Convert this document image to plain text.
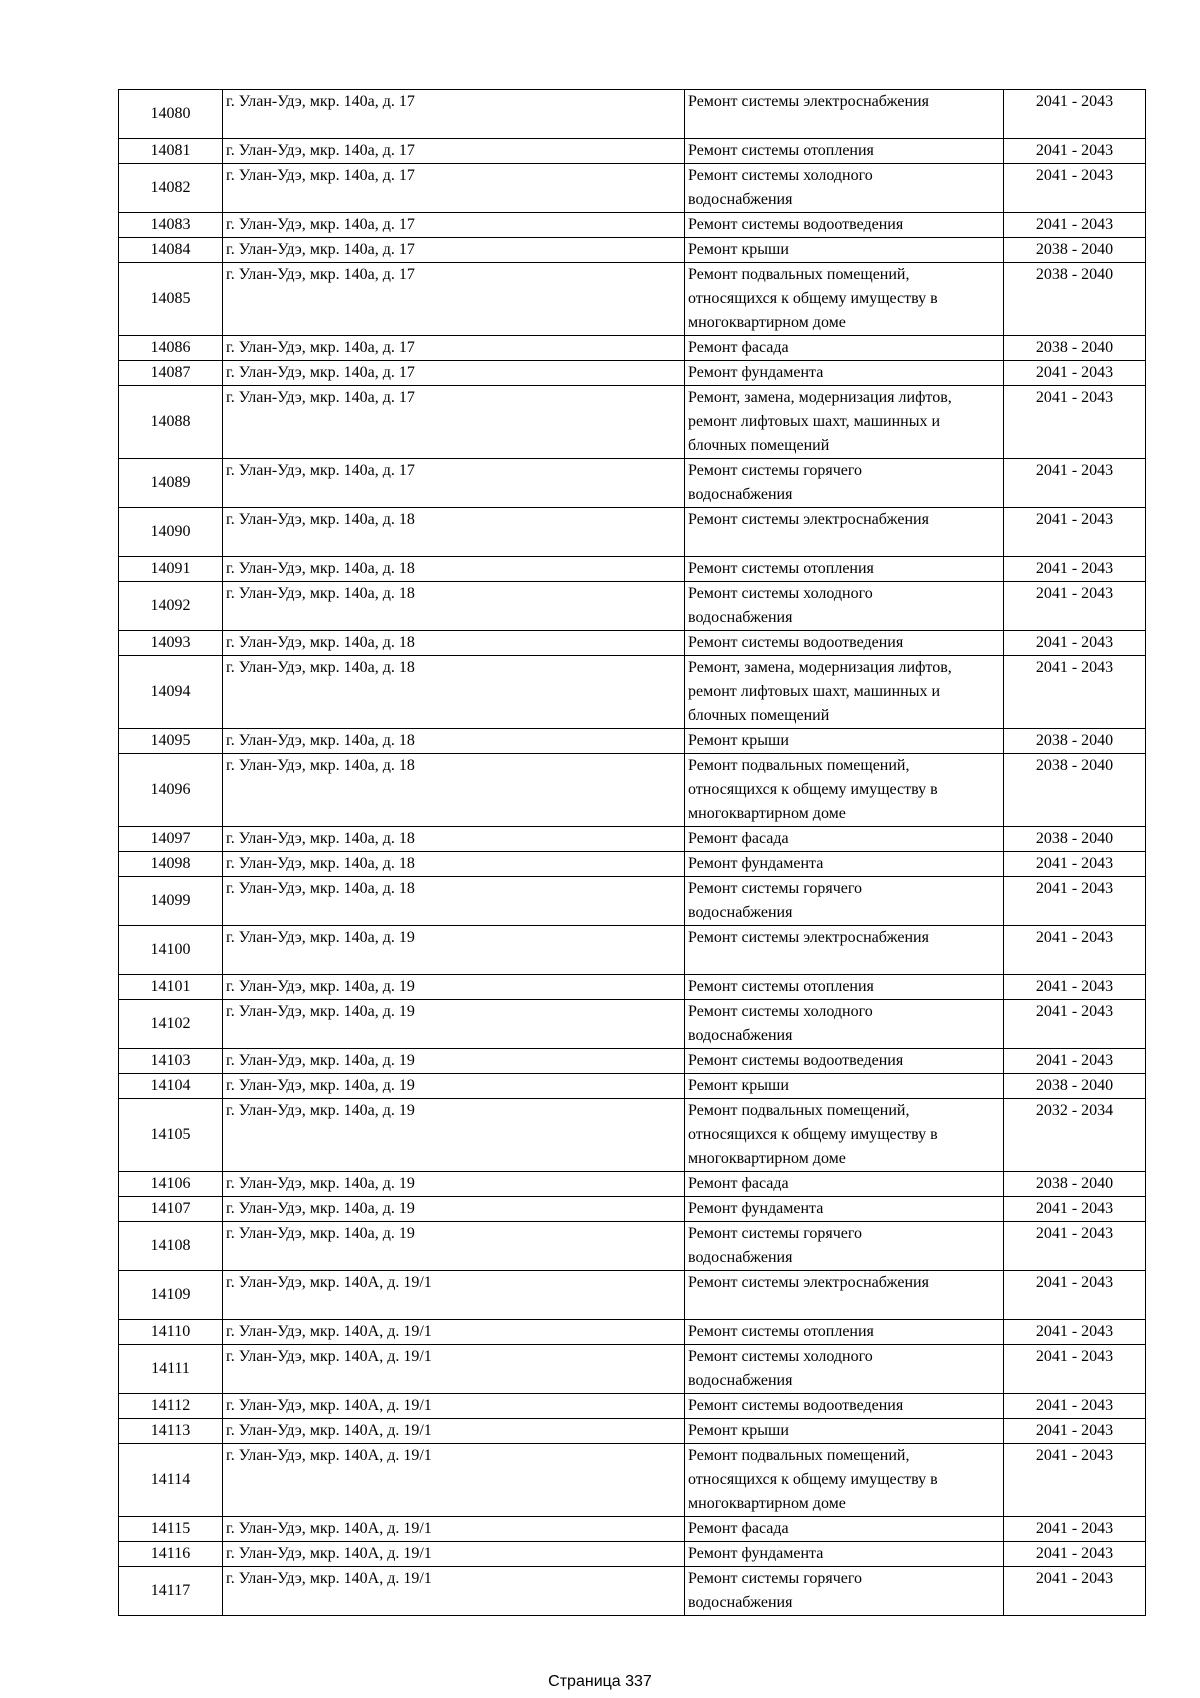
14080	г. Улан-Удэ, мкр. 140а, д. 17	Ремонт системы электроснабжения	2041 - 2043
14081	г. Улан-Удэ, мкр. 140а, д. 17	Ремонт системы отопления	2041 - 2043
14082	г. Улан-Удэ, мкр. 140а, д. 17	Ремонт системы холодного
водоснабжения	2041 - 2043
14083	г. Улан-Удэ, мкр. 140а, д. 17	Ремонт системы водоотведения	2041 - 2043
14084	г. Улан-Удэ, мкр. 140а, д. 17	Ремонт крыши	2038 - 2040
14085	г. Улан-Удэ, мкр. 140а, д. 17	Ремонт подвальных помещений,
относящихся к общему имуществу в
многоквартирном доме	2038 - 2040
14086	г. Улан-Удэ, мкр. 140а, д. 17	Ремонт фасада	2038 - 2040
14087	г. Улан-Удэ, мкр. 140а, д. 17	Ремонт фундамента	2041 - 2043
14088	г. Улан-Удэ, мкр. 140а, д. 17	Ремонт, замена, модернизация лифтов,
ремонт лифтовых шахт, машинных и
блочных помещений	2041 - 2043
14089	г. Улан-Удэ, мкр. 140а, д. 17	Ремонт системы горячего
водоснабжения	2041 - 2043
14090	г. Улан-Удэ, мкр. 140а, д. 18	Ремонт системы электроснабжения	2041 - 2043
14091	г. Улан-Удэ, мкр. 140а, д. 18	Ремонт системы отопления	2041 - 2043
14092	г. Улан-Удэ, мкр. 140а, д. 18	Ремонт системы холодного
водоснабжения	2041 - 2043
14093	г. Улан-Удэ, мкр. 140а, д. 18	Ремонт системы водоотведения	2041 - 2043
14094	г. Улан-Удэ, мкр. 140а, д. 18	Ремонт, замена, модернизация лифтов,
ремонт лифтовых шахт, машинных и
блочных помещений	2041 - 2043
14095	г. Улан-Удэ, мкр. 140а, д. 18	Ремонт крыши	2038 - 2040
14096	г. Улан-Удэ, мкр. 140а, д. 18	Ремонт подвальных помещений,
относящихся к общему имуществу в
многоквартирном доме	2038 - 2040
14097	г. Улан-Удэ, мкр. 140а, д. 18	Ремонт фасада	2038 - 2040
14098	г. Улан-Удэ, мкр. 140а, д. 18	Ремонт фундамента	2041 - 2043
14099	г. Улан-Удэ, мкр. 140а, д. 18	Ремонт системы горячего
водоснабжения	2041 - 2043
14100	г. Улан-Удэ, мкр. 140а, д. 19	Ремонт системы электроснабжения	2041 - 2043
14101	г. Улан-Удэ, мкр. 140а, д. 19	Ремонт системы отопления	2041 - 2043
14102	г. Улан-Удэ, мкр. 140а, д. 19	Ремонт системы холодного
водоснабжения	2041 - 2043
14103	г. Улан-Удэ, мкр. 140а, д. 19	Ремонт системы водоотведения	2041 - 2043
14104	г. Улан-Удэ, мкр. 140а, д. 19	Ремонт крыши	2038 - 2040
14105	г. Улан-Удэ, мкр. 140а, д. 19	Ремонт подвальных помещений,
относящихся к общему имуществу в
многоквартирном доме	2032 - 2034
14106	г. Улан-Удэ, мкр. 140а, д. 19	Ремонт фасада	2038 - 2040
14107	г. Улан-Удэ, мкр. 140а, д. 19	Ремонт фундамента	2041 - 2043
14108	г. Улан-Удэ, мкр. 140а, д. 19	Ремонт системы горячего
водоснабжения	2041 - 2043
14109	г. Улан-Удэ, мкр. 140А, д. 19/1	Ремонт системы электроснабжения	2041 - 2043
14110	г. Улан-Удэ, мкр. 140А, д. 19/1	Ремонт системы отопления	2041 - 2043
14111	г. Улан-Удэ, мкр. 140А, д. 19/1	Ремонт системы холодного
водоснабжения	2041 - 2043
14112	г. Улан-Удэ, мкр. 140А, д. 19/1	Ремонт системы водоотведения	2041 - 2043
14113	г. Улан-Удэ, мкр. 140А, д. 19/1	Ремонт крыши	2041 - 2043
14114	г. Улан-Удэ, мкр. 140А, д. 19/1	Ремонт подвальных помещений,
относящихся к общему имуществу в
многоквартирном доме	2041 - 2043
14115	г. Улан-Удэ, мкр. 140А, д. 19/1	Ремонт фасада	2041 - 2043
14116	г. Улан-Удэ, мкр. 140А, д. 19/1	Ремонт фундамента	2041 - 2043
14117	г. Улан-Удэ, мкр. 140А, д. 19/1	Ремонт системы горячего
водоснабжения	2041 - 2043
Страница 337
